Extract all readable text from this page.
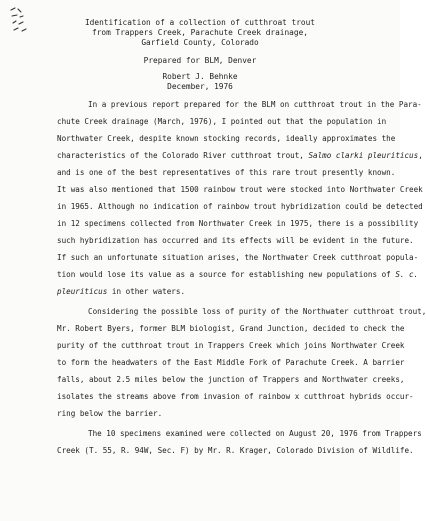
Identification of a collection of cutthroat trout
from Trappers Creek, Parachute Creek drainage,
Garfield County, Colorado
Prepared for BLM, Denver
Robert J. Behnke
December, 1976
In a previous report prepared for the BLM on cutthroat trout in the Para-
chute Creek drainage (March, 1976), I pointed out that the population in
Northwater Creek, despite known stocking records, ideally approximates the
characteristics of the Colorado River cutthroat trout, Salmo clarki pleuriticus,
and is one of the best representatives of this rare trout presently known.
It was also mentioned that 1500 rainbow trout were stocked into Northwater Creek
in 1965. Although no indication of rainbow trout hybridization could be detected
in 12 specimens collected from Northwater Creek in 1975, there is a possibility
such hybridization has occurred and its effects will be evident in the future.
If such an unfortunate situation arises, the Northwater Creek cutthroat popula-
tion would lose its value as a source for establishing new populations of S. c.
pleuriticus in other waters.
Considering the possible loss of purity of the Northwater cutthroat trout,
Mr. Robert Byers, former BLM biologist, Grand Junction, decided to check the
purity of the cutthroat trout in Trappers Creek which joins Northwater Creek
to form the headwaters of the East Middle Fork of Parachute Creek. A barrier
falls, about 2.5 miles below the junction of Trappers and Northwater creeks,
isolates the streams above from invasion of rainbow x cutthroat hybrids occur-
ring below the barrier.
The 10 specimens examined were collected on August 20, 1976 from Trappers
Creek (T. 55, R. 94W, Sec. F) by Mr. R. Krager, Colorado Division of Wildlife.
